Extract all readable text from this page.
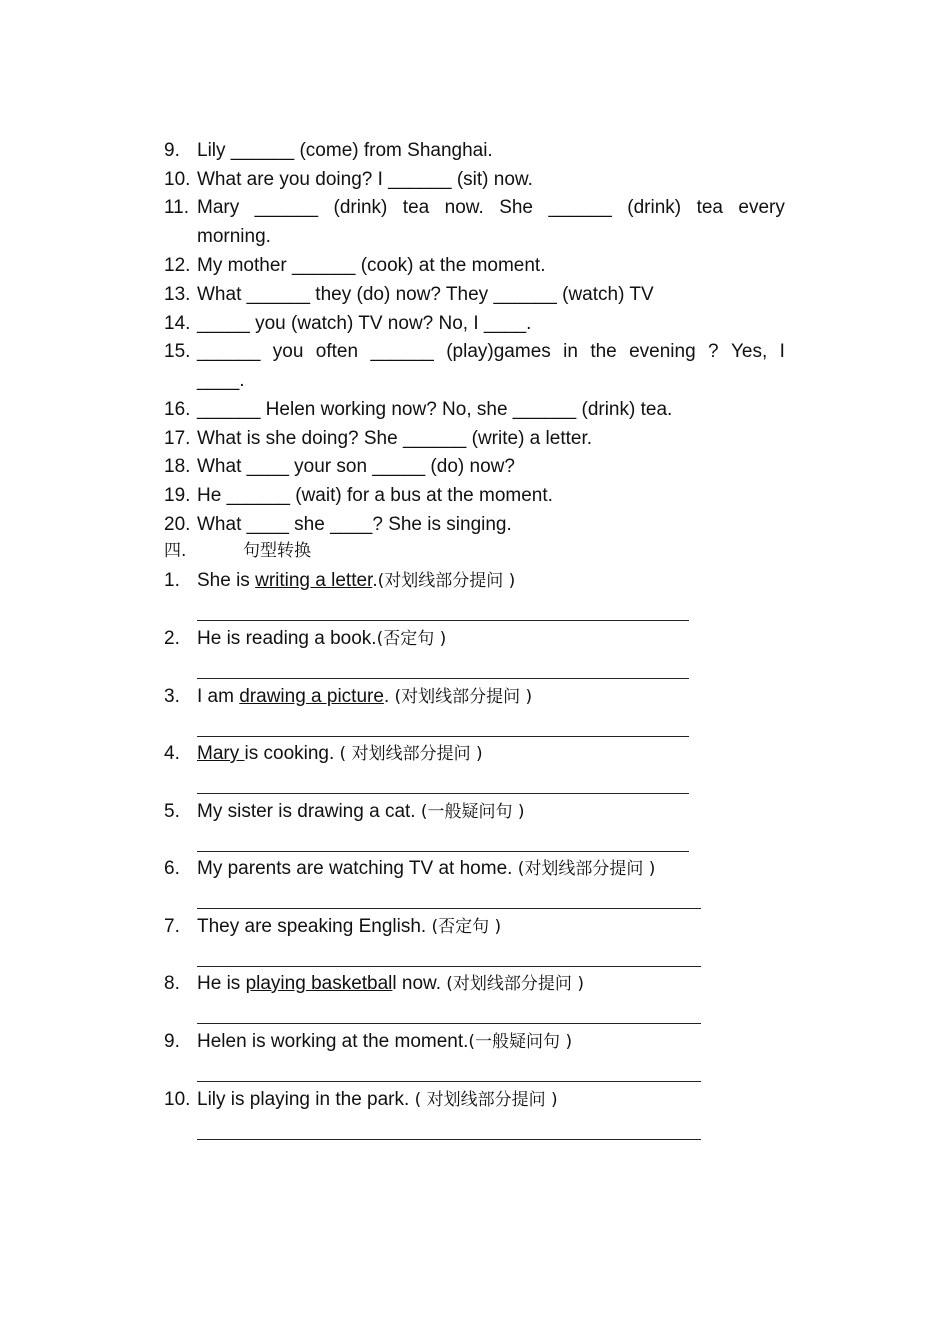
9. Lily ______ (come) from Shanghai.
10. What are you doing? I ______ (sit) now.
11. Mary ______ (drink) tea now. She ______ (drink) tea every
morning.
12. My mother ______ (cook) at the moment.
13. What ______ they (do) now? They ______ (watch) TV
14. _____ you (watch) TV now? No, I ____.
15. ______ you often ______ (play)games in the evening ? Yes, I
____.
16. ______ Helen working now? No, she ______ (drink) tea.
17. What is she doing? She ______ (write) a letter.
18. What ____ your son _____ (do) now?
19. He ______ (wait) for a bus at the moment.
20. What ____ she ____? She is singing.
四.	句型转换
1. She is writing a letter.(对划线部分提问 )
2. He is reading a book.(否定句 )
3. I am drawing a picture. (对划线部分提问 )
4. Mary is cooking. ( 对划线部分提问 )
5. My sister is drawing a cat. (一般疑问句 )
6. My parents are watching TV at home. (对划线部分提问 )
7. They are speaking English. (否定句 )
8. He is playing basketball now. (对划线部分提问 )
9. Helen is working at the moment.(一般疑问句 )
10. Lily is playing in the park. ( 对划线部分提问 )
